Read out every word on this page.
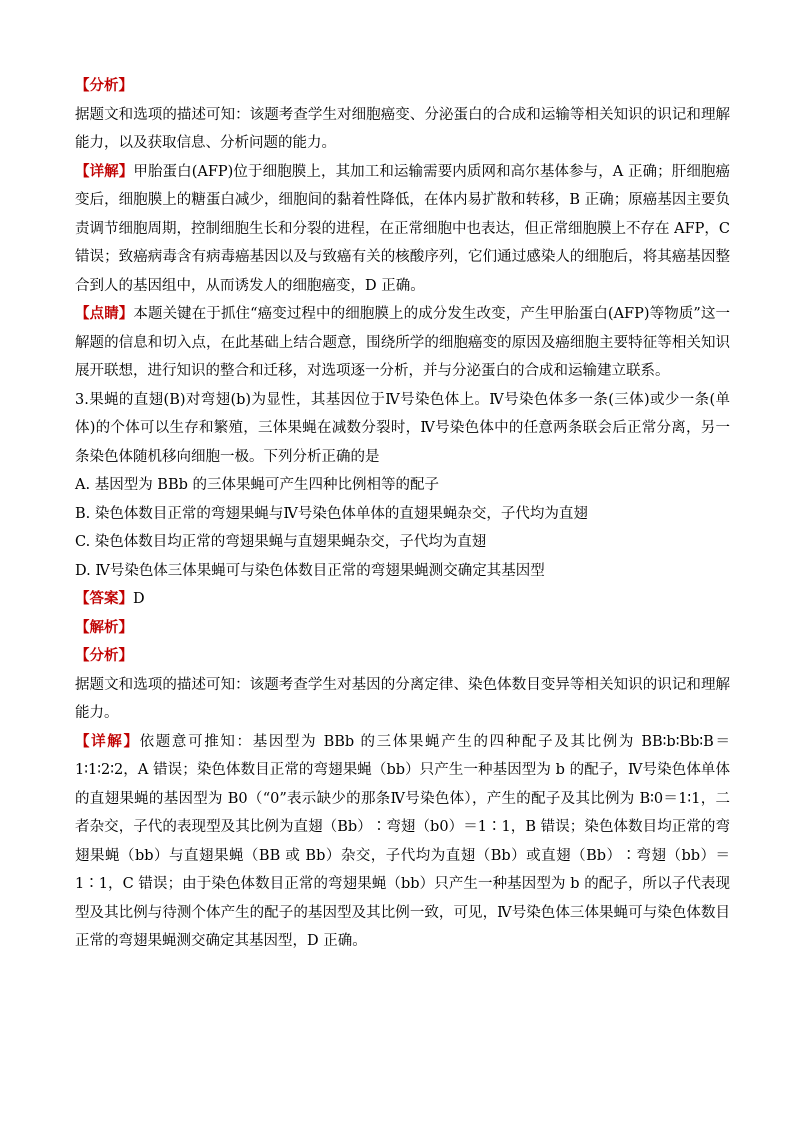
【分析】

据题文和选项的描述可知：该题考查学生对细胞癌变、分泌蛋白的合成和运输等相关知识的识记和理解能力，以及获取信息、分析问题的能力。

【详解】甲胎蛋白(AFP)位于细胞膜上，其加工和运输需要内质网和高尔基体参与，A 正确；肝细胞癌变后，细胞膜上的糖蛋白减少，细胞间的黏着性降低，在体内易扩散和转移，B 正确；原癌基因主要负责调节细胞周期，控制细胞生长和分裂的进程，在正常细胞中也表达，但正常细胞膜上不存在 AFP，C 错误；致癌病毒含有病毒癌基因以及与致癌有关的核酸序列，它们通过感染人的细胞后，将其癌基因整合到人的基因组中，从而诱发人的细胞癌变，D 正确。

【点睛】本题关键在于抓住“癌变过程中的细胞膜上的成分发生改变，产生甲胎蛋白(AFP)等物质”这一解题的信息和切入点，在此基础上结合题意，围绕所学的细胞癌变的原因及癌细胞主要特征等相关知识展开联想，进行知识的整合和迁移，对选项逐一分析，并与分泌蛋白的合成和运输建立联系。

3.果蝇的直翅(B)对弯翅(b)为显性，其基因位于Ⅳ号染色体上。Ⅳ号染色体多一条(三体)或少一条(单体)的个体可以生存和繁殖，三体果蝇在减数分裂时，Ⅳ号染色体中的任意两条联会后正常分离，另一条染色体随机移向细胞一极。下列分析正确的是

A. 基因型为 BBb 的三体果蝇可产生四种比例相等的配子

B. 染色体数目正常的弯翅果蝇与Ⅳ号染色体单体的直翅果蝇杂交，子代均为直翅

C. 染色体数目均正常的弯翅果蝇与直翅果蝇杂交，子代均为直翅

D. Ⅳ号染色体三体果蝇可与染色体数目正常的弯翅果蝇测交确定其基因型

【答案】D

【解析】

【分析】

据题文和选项的描述可知：该题考查学生对基因的分离定律、染色体数目变异等相关知识的识记和理解能力。

【详解】依题意可推知：基因型为 BBb 的三体果蝇产生的四种配子及其比例为 BB∶b∶Bb∶B＝1∶1∶2∶2，A 错误；染色体数目正常的弯翅果蝇（bb）只产生一种基因型为 b 的配子，Ⅳ号染色体单体的直翅果蝇的基因型为 B0（“0”表示缺少的那条Ⅳ号染色体），产生的配子及其比例为 B∶0＝1∶1，二者杂交，子代的表现型及其比例为直翅（Bb）∶弯翅（b0）＝1∶1，B 错误；染色体数目均正常的弯翅果蝇（bb）与直翅果蝇（BB 或 Bb）杂交，子代均为直翅（Bb）或直翅（Bb）∶弯翅（bb）＝1∶1，C 错误；由于染色体数目正常的弯翅果蝇（bb）只产生一种基因型为 b 的配子，所以子代表现型及其比例与待测个体产生的配子的基因型及其比例一致，可见，Ⅳ号染色体三体果蝇可与染色体数目正常的弯翅果蝇测交确定其基因型，D 正确。
